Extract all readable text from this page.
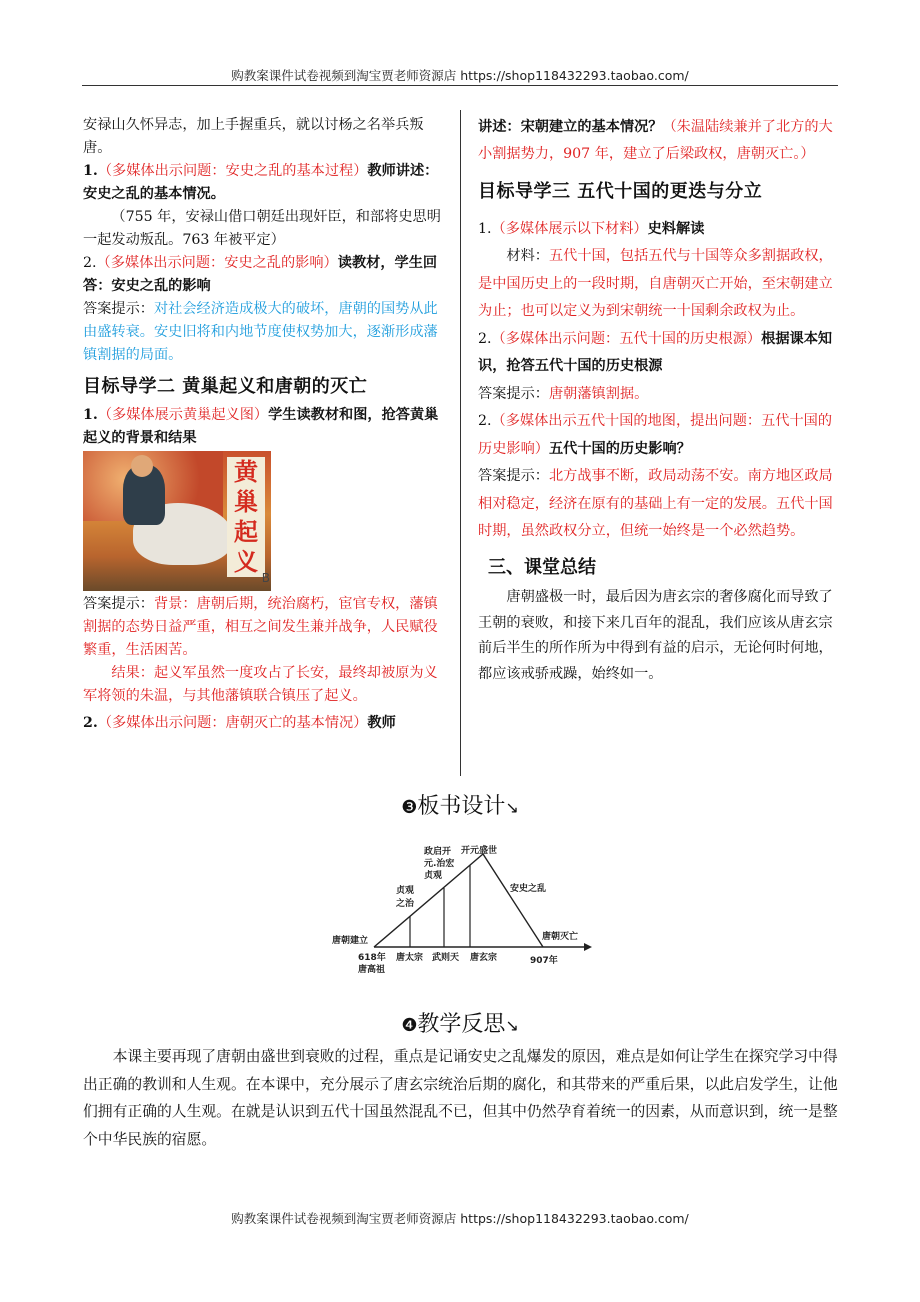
购教案课件试卷视频到淘宝贾老师资源店 https://shop118432293.taobao.com/

安禄山久怀异志，加上手握重兵，就以讨杨之名举兵叛唐。

1.（多媒体出示问题：安史之乱的基本过程）教师讲述：安史之乱的基本情况。

（755 年，安禄山借口朝廷出现奸臣，和部将史思明一起发动叛乱。763 年被平定）

2.（多媒体出示问题：安史之乱的影响）读教材，学生回答：安史之乱的影响

答案提示：对社会经济造成极大的破坏，唐朝的国势从此由盛转衰。安史旧将和内地节度使权势加大，逐渐形成藩镇割据的局面。

目标导学二 黄巢起义和唐朝的灭亡

1.（多媒体展示黄巢起义图）学生读教材和图，抢答黄巢起义的背景和结果

黄
巢
起
义
B

答案提示：背景：唐朝后期，统治腐朽，宦官专权，藩镇割据的态势日益严重，相互之间发生兼并战争，人民赋役繁重，生活困苦。

结果：起义军虽然一度攻占了长安，最终却被原为义军将领的朱温，与其他藩镇联合镇压了起义。

2.（多媒体出示问题：唐朝灭亡的基本情况）教师

讲述：宋朝建立的基本情况？（朱温陆续兼并了北方的大小割据势力，907 年，建立了后梁政权，唐朝灭亡。）

目标导学三 五代十国的更迭与分立

1.（多媒体展示以下材料）史料解读

材料：五代十国，包括五代与十国等众多割据政权，是中国历史上的一段时期，自唐朝灭亡开始，至宋朝建立为止；也可以定义为到宋朝统一十国剩余政权为止。

2.（多媒体出示问题：五代十国的历史根源）根据课本知识，抢答五代十国的历史根源

答案提示：唐朝藩镇割据。

2.（多媒体出示五代十国的地图，提出问题：五代十国的历史影响）五代十国的历史影响？

答案提示：北方战事不断，政局动荡不安。南方地区政局相对稳定，经济在原有的基础上有一定的发展。五代十国时期，虽然政权分立，但统一始终是一个必然趋势。

三、课堂总结

唐朝盛极一时，最后因为唐玄宗的奢侈腐化而导致了王朝的衰败，和接下来几百年的混乱，我们应该从唐玄宗前后半生的所作所为中得到有益的启示，无论何时何地，都应该戒骄戒躁，始终如一。

❸板书设计↘
政启开
元.治宏
贞观
开元盛世
贞观
之治
安史之乱
唐朝建立	唐朝灭亡
618年
唐高祖
唐太宗 武则天 唐玄宗	907年
❹教学反思↘

本课主要再现了唐朝由盛世到衰败的过程，重点是记诵安史之乱爆发的原因，难点是如何让学生在探究学习中得出正确的教训和人生观。在本课中，充分展示了唐玄宗统治后期的腐化，和其带来的严重后果，以此启发学生，让他们拥有正确的人生观。在就是认识到五代十国虽然混乱不已，但其中仍然孕育着统一的因素，从而意识到，统一是整个中华民族的宿愿。

购教案课件试卷视频到淘宝贾老师资源店 https://shop118432293.taobao.com/
